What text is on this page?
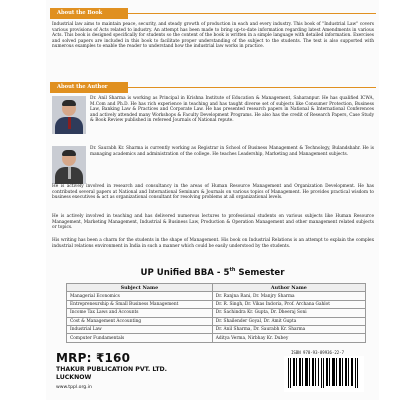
About the Book

Industrial law aims to maintain peace, security, and steady growth of production in each and every industry. This book of "Industrial Law" covers various provisions of Acts related to industry. An attempt has been made to bring up-to-date information regarding latest Amendments in various Acts. This book is designed specifically for students so the content of the book is written in a simple language with detailed information. Exercises and solved papers are included in this book to facilitate proper understanding of the subject to the students. The text is also supported with numerous examples to enable the reader to understand how the industrial law works in practice.

About the Author

Dr. Anil Sharma is working as Principal in Krishna Institute of Education & Management, Saharanpur. He has qualified ICWA, M.Com and Ph.D. He has rich experience in teaching and has taught diverse set of subjects like Consumer Protection, Business Law, Banking Law & Practices and Corporate Law. He has presented research papers in National & International Conferences and actively attended many Workshops & Faculty Development Programs. He also has the credit of Research Papers, Case Study & Book Review published in refereed Journals of National repute.

Dr. Saurabh Kr. Sharma is currently working as Registrar in School of Business Management & Technology, Bulandshahr. He is managing academics and administration of the college. He teaches Leadership, Marketing and Management subjects.

He is actively involved in research and consultancy in the areas of Human Resource Management and Organization Development. He has contributed several papers at National and International Seminars & Journals on various topics of Management. He provides practical wisdom to business executives & act as organizational consultant for resolving problems at all organizational levels.

He is actively involved in teaching and has delivered numerous lectures to professional students on various subjects like Human Resource Management, Marketing Management, Industrial & Business Law, Production & Operation Management and other management related subjects or topics.

His writing has been a charm for the students in the shape of Management. His book on Industrial Relations is an attempt to explain the complex industrial relations environment in India in such a manner which could be easily understood by the students.

UP Unified BBA - 5th Semester
Subject Name	Author Name
Managerial Economics	Dr. Ranjna Rani, Dr. Manjry Sharma
Entrepreneurship & Small Business Management	Dr. R. Singh, Dr. Vikas Indoria, Prof. Archana Gahlot
Income Tax Laws and Accounts	Dr. Sachindra Kr. Gupta, Dr. Dheeraj Soni
Cost & Management Accounting	Dr. Shailender Goyal, Dr. Amit Gupta
Industrial Law	Dr. Anil Sharma, Dr. Saurabh Kr. Sharma
Computer Fundamentals	Aditya Verma, Nirbhay Kr. Dubey
MRP: ₹160
THAKUR PUBLICATION PVT. LTD.
LUCKNOW
www.tppl.org.in
ISBN 978-93-89936-22-7
